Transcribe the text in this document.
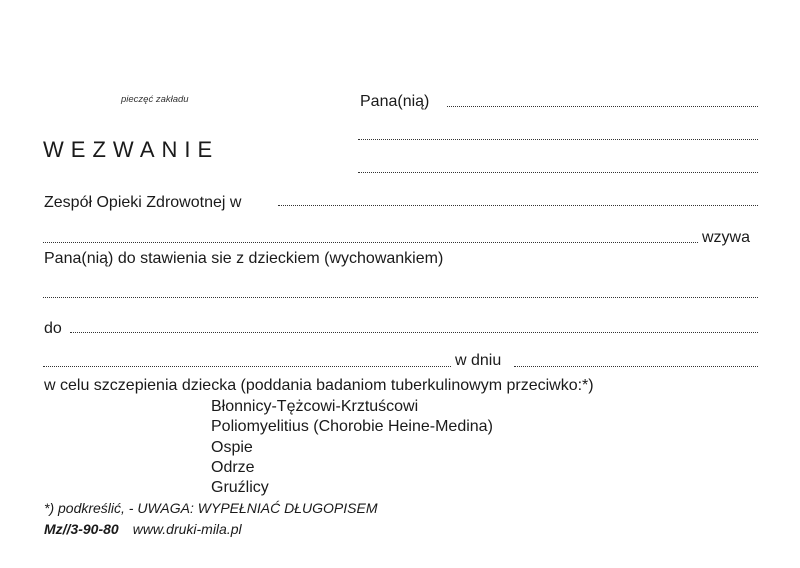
pieczęć zakładu	Pana(nią)
WEZWANIE
Zespół Opieki Zdrowotnej w
wzywa
Pana(nią) do stawienia sie z dzieckiem (wychowankiem)
do
w dniu
w celu szczepienia dziecka (poddania badaniom tuberkulinowym przeciwko:*)
Błonnicy-Tężcowi-Krztuścowi
Poliomyelitius (Chorobie Heine-Medina)
Ospie
Odrze
Gruźlicy
*) podkreślić, - UWAGA: WYPEŁNIAĆ DŁUGOPISEM
Mz//3-90-80 www.druki-mila.pl
